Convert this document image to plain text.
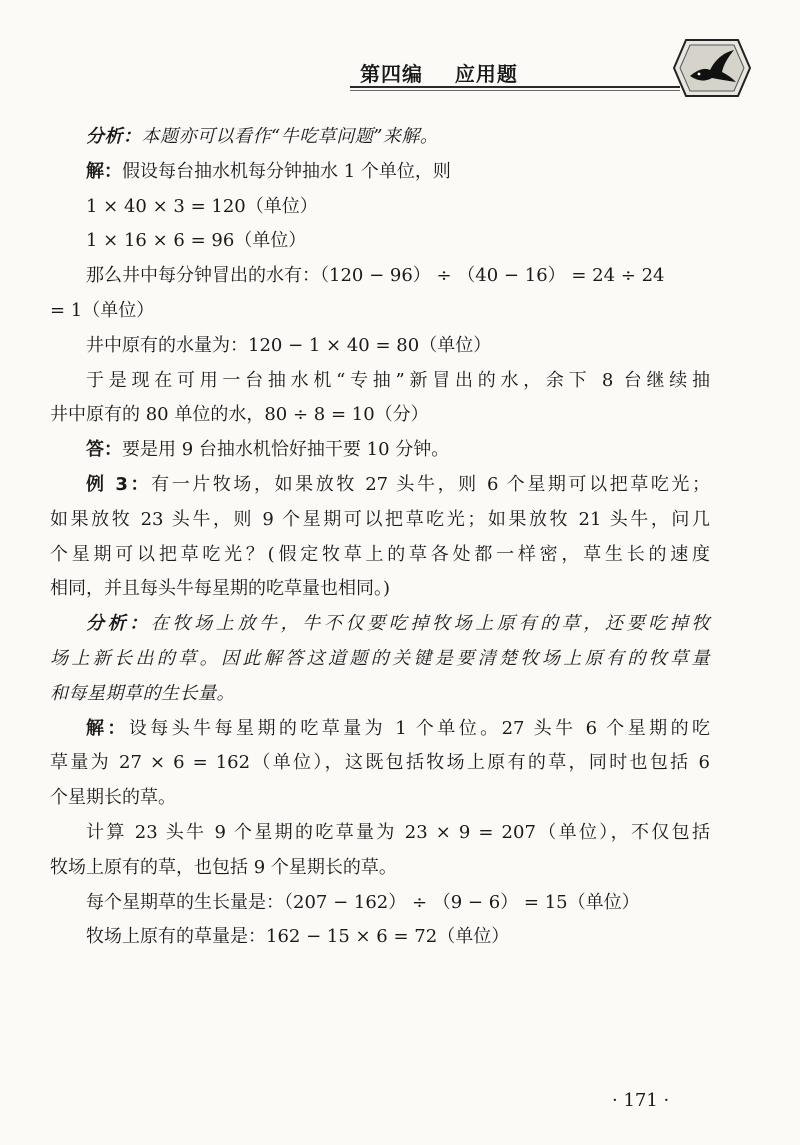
第四编 应用题
分析：本题亦可以看作“牛吃草问题”来解。
解：假设每台抽水机每分钟抽水 1 个单位，则
1 × 40 × 3 = 120（单位）
1 × 16 × 6 = 96（单位）
那么井中每分钟冒出的水有：（120 − 96） ÷ （40 − 16） = 24 ÷ 24
= 1（单位）
井中原有的水量为：120 − 1 × 40 = 80（单位）
于是现在可用一台抽水机“专抽”新冒出的水，余下 8 台继续抽
井中原有的 80 单位的水，80 ÷ 8 = 10（分）
答：要是用 9 台抽水机恰好抽干要 10 分钟。
例 3：有一片牧场，如果放牧 27 头牛，则 6 个星期可以把草吃光；
如果放牧 23 头牛，则 9 个星期可以把草吃光；如果放牧 21 头牛，问几
个星期可以把草吃光？(假定牧草上的草各处都一样密，草生长的速度
相同，并且每头牛每星期的吃草量也相同。)
分析：在牧场上放牛，牛不仅要吃掉牧场上原有的草，还要吃掉牧
场上新长出的草。因此解答这道题的关键是要清楚牧场上原有的牧草量
和每星期草的生长量。
解：设每头牛每星期的吃草量为 1 个单位。27 头牛 6 个星期的吃
草量为 27 × 6 = 162（单位），这既包括牧场上原有的草，同时也包括 6
个星期长的草。
计算 23 头牛 9 个星期的吃草量为 23 × 9 = 207（单位），不仅包括
牧场上原有的草，也包括 9 个星期长的草。
每个星期草的生长量是：（207 − 162） ÷ （9 − 6） = 15（单位）
牧场上原有的草量是：162 − 15 × 6 = 72（单位）
· 171 ·
